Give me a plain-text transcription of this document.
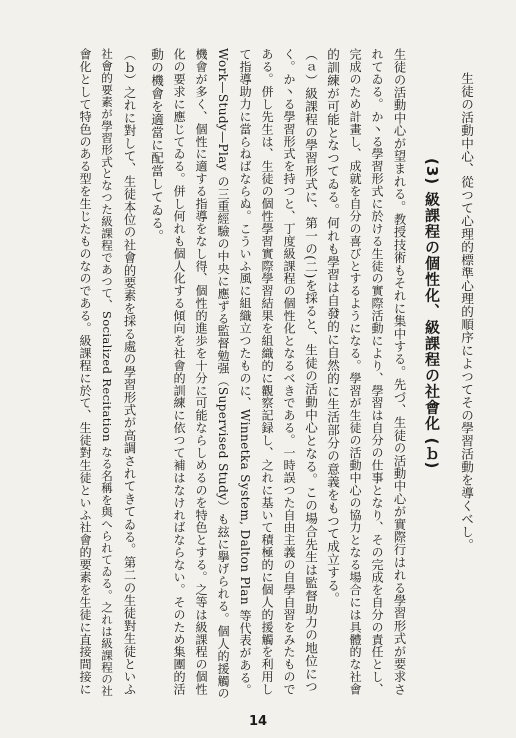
生徒の活動中心、從つて心理的標準心理的順序によつてその學習活動を導くべし。
(3) 級課程の個性化、級課程の社會化 (ｂ)
生徒の活動中心が望まれる。教授技術もそれに集中する。先づ、生徒の活動中心が實際行はれる學習形式が要求さ
れてゐる。か丶る學習形式に於ける生徒の實際活動により、學習は自分の仕事となり、その完成を自分の責任とし、
完成のため計畫し、成就を自分の喜びとするようになる。學習が生徒の活動中心の協力となる場合には具體的な社會
的訓練が可能となつてゐる。何れも學習は自發的に自然的に生活部分の意義をもつて成立する。
（ａ）級課程の學習形式に、第一の(二)を採ると、生徒の活動中心となる。この場合先生は監督助力の地位につ
く。か丶る學習形式を持つと、丁度級課程の個性化となるべきである。一時誤つた自由主義の自學自習をみたもので
ある。併し先生は、生徒の個性學習實際學習結果を組織的に觀察記録し、之れに基いて積極的に個人的援觸を利用し
て指導助力に當らねばならぬ。こういふ風に組織立つたものに、Winnetka System, Dalton Plan 等代表がある。
Work—Study—Play の三重經驗の中央に應ずる監督勉强（Supervised Study）も玆に擧げられる。個人的援觸の
機會が多く、個性に適する指導をなし得、個性的進歩を十分に可能ならしめるのを特色とする。之等は級課程の個性
化の要求に應じてゐる。併し何れも個人化する傾向を社會的訓練に依つて補はなければならない。そのため集團的活
動の機會を適當に配當してゐる。
（ｂ）之れに對して、生徒本位の社會的要素を採る處の學習形式が高調されてきてゐる。第二の生徒對生徒といふ
社會的要素が學習形式となつた級課程であつて、Socialized Recitation なる名稱を與へられてゐる。之れは級課程の社
會化として特色のある型を生じたものなのである。級課程に於て、生徒對生徒といふ社會的要素を生徒に直接間接に
14
